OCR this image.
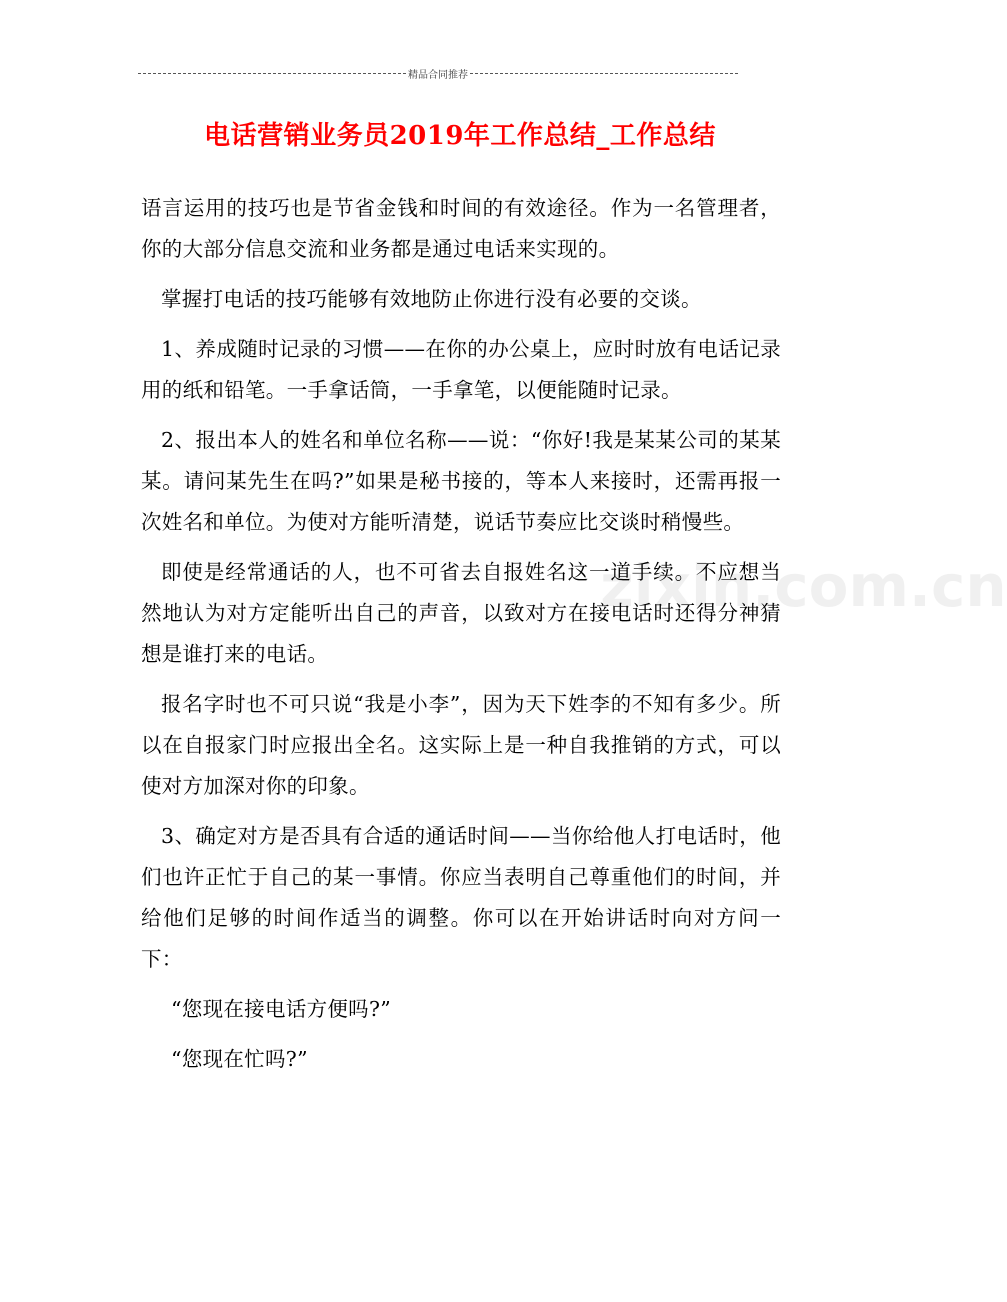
精品合同推荐
电话营销业务员2019年工作总结_工作总结

语言运用的技巧也是节省金钱和时间的有效途径。作为一名管理者，你的大部分信息交流和业务都是通过电话来实现的。

掌握打电话的技巧能够有效地防止你进行没有必要的交谈。

1、养成随时记录的习惯——在你的办公桌上，应时时放有电话记录用的纸和铅笔。一手拿话筒，一手拿笔，以便能随时记录。

2、报出本人的姓名和单位名称——说：“你好!我是某某公司的某某某。请问某先生在吗?”如果是秘书接的，等本人来接时，还需再报一次姓名和单位。为使对方能听清楚，说话节奏应比交谈时稍慢些。

即使是经常通话的人，也不可省去自报姓名这一道手续。不应想当然地认为对方定能听出自己的声音，以致对方在接电话时还得分神猜想是谁打来的电话。

报名字时也不可只说“我是小李”，因为天下姓李的不知有多少。所以在自报家门时应报出全名。这实际上是一种自我推销的方式，可以使对方加深对你的印象。

3、确定对方是否具有合适的通话时间——当你给他人打电话时，他们也许正忙于自己的某一事情。你应当表明自己尊重他们的时间，并给他们足够的时间作适当的调整。你可以在开始讲话时向对方问一下：

“您现在接电话方便吗?”

“您现在忙吗?”

zixin.com.cn
